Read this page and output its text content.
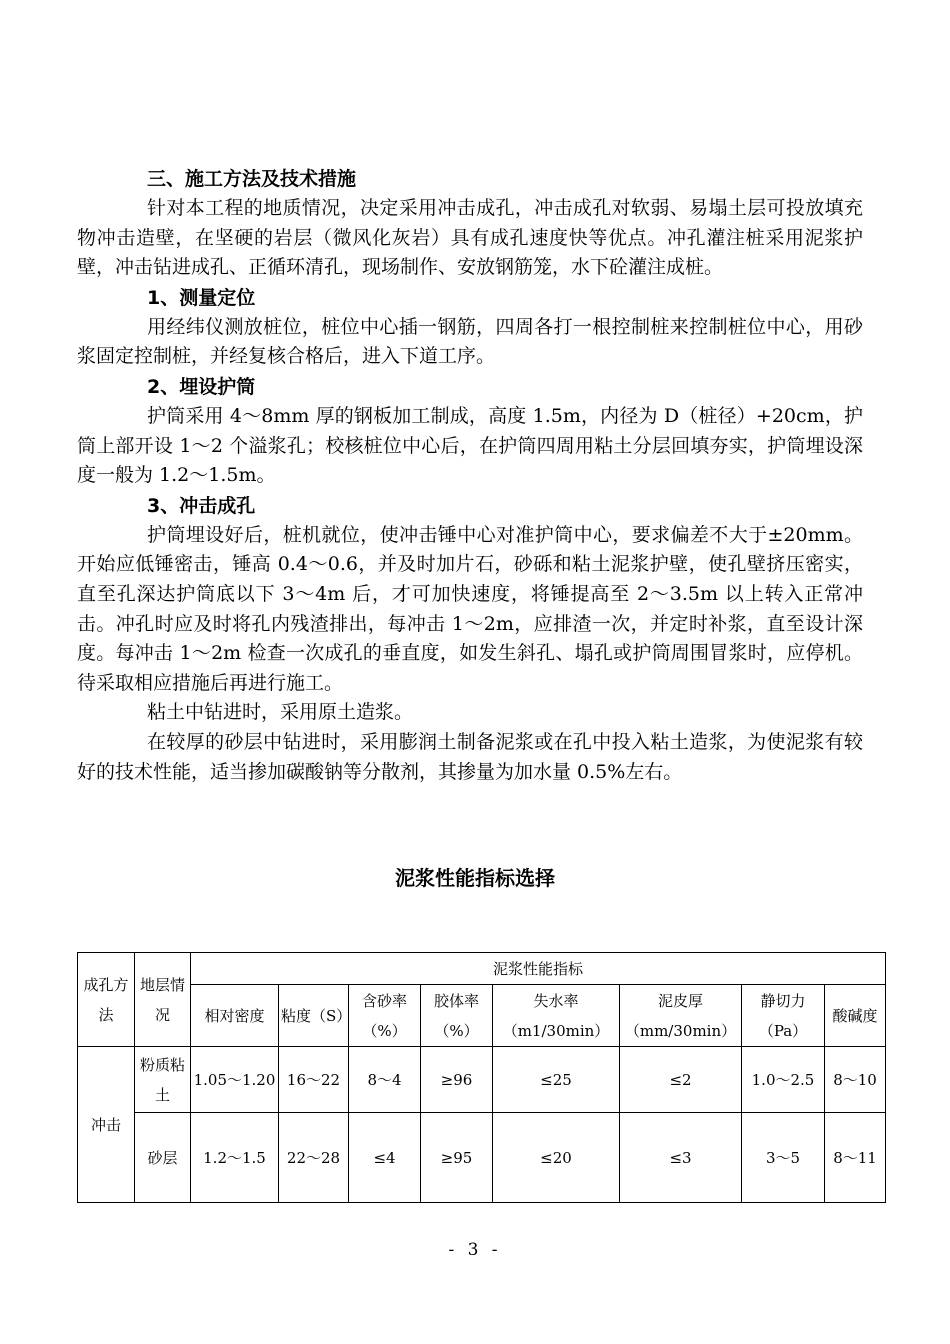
三、施工方法及技术措施

针对本工程的地质情况，决定采用冲击成孔，冲击成孔对软弱、易塌土层可投放填充物冲击造壁，在坚硬的岩层（微风化灰岩）具有成孔速度快等优点。冲孔灌注桩采用泥浆护壁，冲击钻进成孔、正循环清孔，现场制作、安放钢筋笼，水下砼灌注成桩。

1、测量定位

用经纬仪测放桩位，桩位中心插一钢筋，四周各打一根控制桩来控制桩位中心，用砂浆固定控制桩，并经复核合格后，进入下道工序。

2、埋设护筒

护筒采用 4～8mm 厚的钢板加工制成，高度 1.5m，内径为 D（桩径）+20cm，护筒上部开设 1～2 个溢浆孔；校核桩位中心后，在护筒四周用粘土分层回填夯实，护筒埋设深度一般为 1.2～1.5m。

3、冲击成孔

护筒埋设好后，桩机就位，使冲击锤中心对准护筒中心，要求偏差不大于±20mm。开始应低锤密击，锤高 0.4～0.6，并及时加片石，砂砾和粘土泥浆护壁，使孔壁挤压密实，直至孔深达护筒底以下 3～4m 后，才可加快速度，将锤提高至 2～3.5m 以上转入正常冲击。冲孔时应及时将孔内残渣排出，每冲击 1～2m，应排渣一次，并定时补浆，直至设计深度。每冲击 1～2m 检查一次成孔的垂直度，如发生斜孔、塌孔或护筒周围冒浆时，应停机。待采取相应措施后再进行施工。

粘土中钻进时，采用原土造浆。

在较厚的砂层中钻进时，采用膨润土制备泥浆或在孔中投入粘土造浆，为使泥浆有较好的技术性能，适当掺加碳酸钠等分散剂，其掺量为加水量 0.5%左右。

泥浆性能指标选择
成孔方法	地层情况	泥浆性能指标							
		相对密度	粘度（S）	含砂率（%）	胶体率（%）	失水率（m1/30min）	泥皮厚（mm/30min）	静切力（Pa）	酸碱度
冲击	粉质粘土	1.05～1.20	16～22	8～4	≥96	≤25	≤2	1.0～2.5	8～10
	砂层	1.2～1.5	22～28	≤4	≥95	≤20	≤3	3～5	8～11
- 3 -
